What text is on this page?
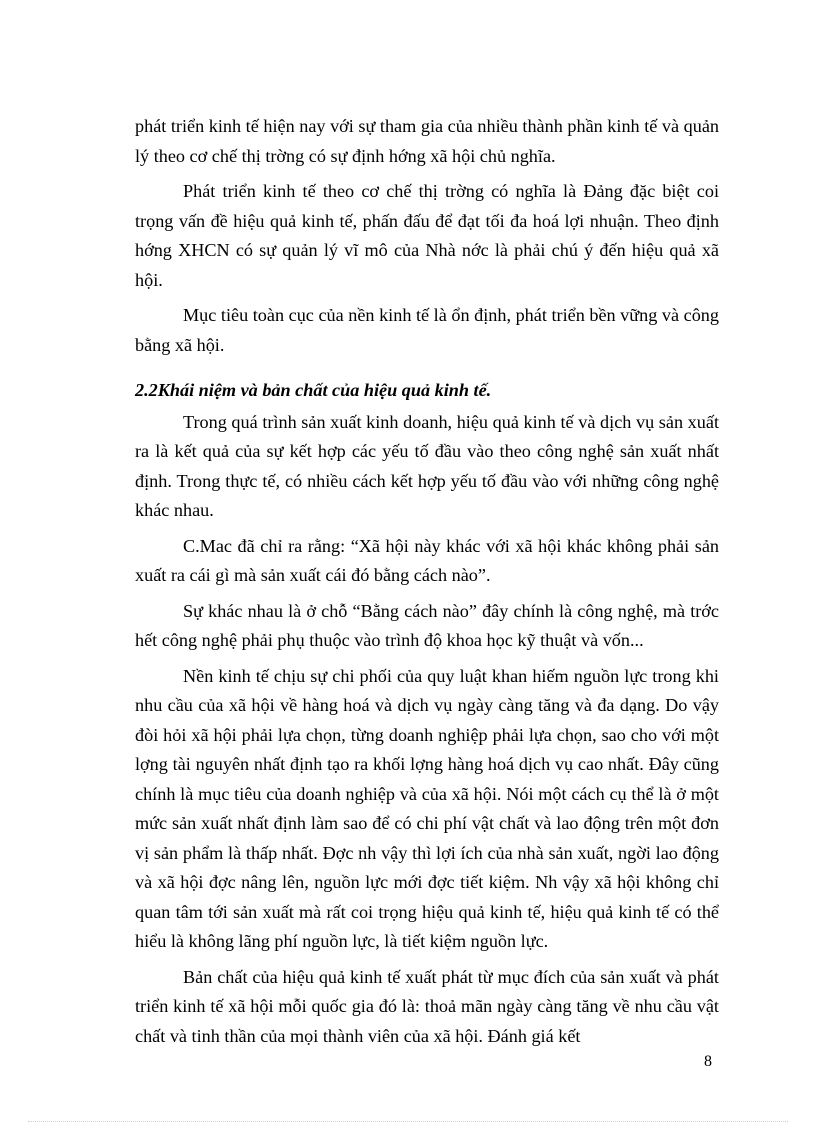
phát triển kinh tế hiện nay với sự tham gia của nhiều thành phần kinh tế và quản lý theo cơ chế thị trờng có sự định hớng xã hội chủ nghĩa.

Phát triển kinh tế theo cơ chế thị trờng có nghĩa là Đảng đặc biệt coi trọng vấn đề hiệu quả kinh tế, phấn đấu để đạt tối đa hoá lợi nhuận. Theo định hớng XHCN có sự quản lý vĩ mô của Nhà nớc là phải chú ý đến hiệu quả xã hội.

Mục tiêu toàn cục của nền kinh tế là ổn định, phát triển bền vững và công bằng xã hội.

2.2Khái niệm và bản chất của hiệu quả kinh tế.

Trong quá trình sản xuất kinh doanh, hiệu quả kinh tế và dịch vụ sản xuất ra là kết quả của sự kết hợp các yếu tố đầu vào theo công nghệ sản xuất nhất định. Trong thực tế, có nhiều cách kết hợp yếu tố đầu vào với những công nghệ khác nhau.

C.Mac đã chỉ ra rằng: “Xã hội này khác với xã hội khác không phải sản xuất ra cái gì mà sản xuất cái đó bằng cách nào”.

Sự khác nhau là ở chỗ “Bằng cách nào” đây chính là công nghệ, mà trớc hết công nghệ phải phụ thuộc vào trình độ khoa học kỹ thuật và vốn...

Nền kinh tế chịu sự chi phối của quy luật khan hiếm nguồn lực trong khi nhu cầu của xã hội về hàng hoá và dịch vụ ngày càng tăng và đa dạng. Do vậy đòi hỏi xã hội phải lựa chọn, từng doanh nghiệp phải lựa chọn, sao cho với một lợng tài nguyên nhất định tạo ra khối lợng hàng hoá dịch vụ cao nhất. Đây cũng chính là mục tiêu của doanh nghiệp và của xã hội. Nói một cách cụ thể là ở một mức sản xuất nhất định làm sao để có chi phí vật chất và lao động trên một đơn vị sản phẩm là thấp nhất. Đợc nh vậy thì lợi ích của nhà sản xuất, ngời lao động và xã hội đợc nâng lên, nguồn lực mới đợc tiết kiệm. Nh vậy xã hội không chỉ quan tâm tới sản xuất mà rất coi trọng hiệu quả kinh tế, hiệu quả kinh tế có thể hiểu là không lãng phí nguồn lực, là tiết kiệm nguồn lực.

Bản chất của hiệu quả kinh tế xuất phát từ mục đích của sản xuất và phát triển kinh tế xã hội mỗi quốc gia đó là: thoả mãn ngày càng tăng về nhu cầu vật chất và tinh thần của mọi thành viên của xã hội. Đánh giá kết

8
